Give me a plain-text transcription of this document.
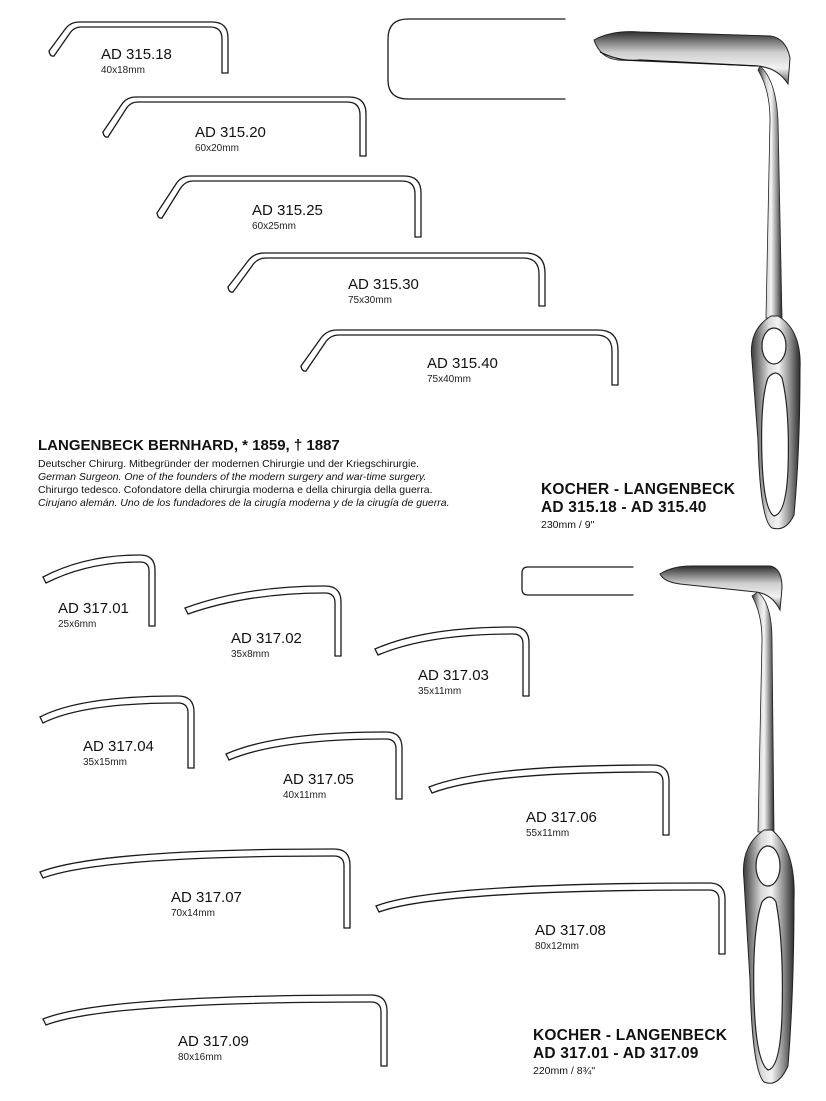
AD 315.18
40x18mm
AD 315.20
60x20mm
AD 315.25
60x25mm
AD 315.30
75x30mm
AD 315.40
75x40mm
LANGENBECK BERNHARD, * 1859, † 1887
Deutscher Chirurg. Mitbegründer der modernen Chirurgie und der Kriegschirurgie.
German Surgeon. One of the founders of the modern surgery and war-time surgery.
Chirurgo tedesco. Cofondatore della chirurgia moderna e della chirurgia della guerra.
Cirujano alemán. Uno de los fundadores de la cirugía moderna y de la cirugía de guerra.
KOCHER - LANGENBECK
AD 315.18 - AD 315.40
230mm / 9"
AD 317.01
25x6mm
AD 317.02
35x8mm
AD 317.03
35x11mm
AD 317.04
35x15mm
AD 317.05
40x11mm
AD 317.06
55x11mm
AD 317.07
70x14mm
AD 317.08
80x12mm
AD 317.09
80x16mm
KOCHER - LANGENBECK
AD 317.01 - AD 317.09
220mm / 8¾"
